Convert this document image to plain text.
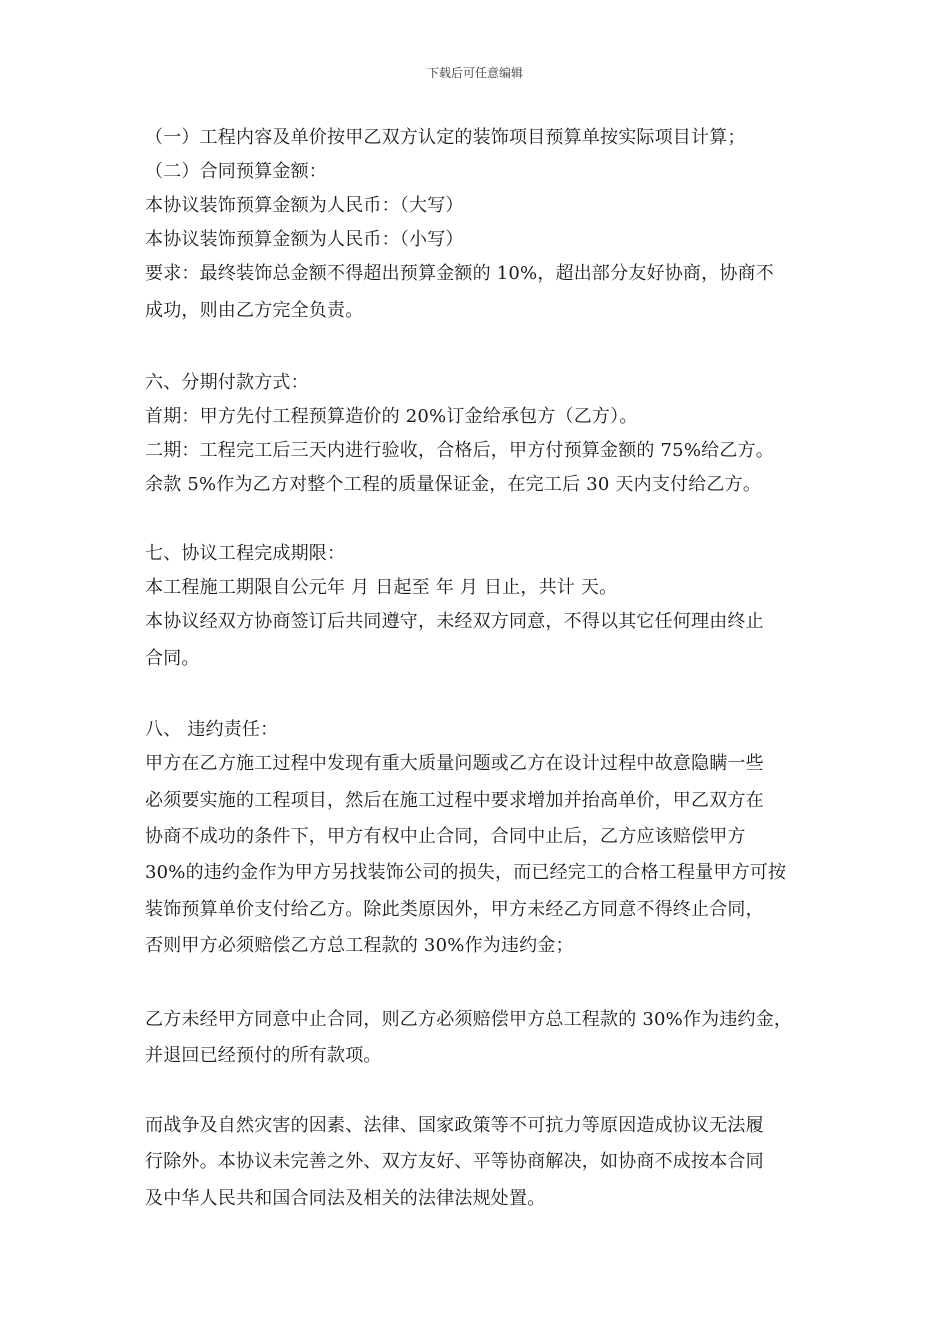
下载后可任意编辑
（一）工程内容及单价按甲乙双方认定的装饰项目预算单按实际项目计算；
（二）合同预算金额：
本协议装饰预算金额为人民币：（大写）
本协议装饰预算金额为人民币：（小写）
要求：最终装饰总金额不得超出预算金额的 10%，超出部分友好协商，协商不
成功，则由乙方完全负责。
六、分期付款方式：
首期：甲方先付工程预算造价的 20%订金给承包方（乙方）。
二期：工程完工后三天内进行验收，合格后，甲方付预算金额的 75%给乙方。
余款 5%作为乙方对整个工程的质量保证金，在完工后 30 天内支付给乙方。
七、协议工程完成期限：
本工程施工期限自公元年 月 日起至 年 月 日止，共计 天。
本协议经双方协商签订后共同遵守，未经双方同意，不得以其它任何理由终止
合同。
八、 违约责任：
甲方在乙方施工过程中发现有重大质量问题或乙方在设计过程中故意隐瞒一些
必须要实施的工程项目，然后在施工过程中要求增加并抬高单价，甲乙双方在
协商不成功的条件下，甲方有权中止合同，合同中止后，乙方应该赔偿甲方
30%的违约金作为甲方另找装饰公司的损失，而已经完工的合格工程量甲方可按
装饰预算单价支付给乙方。除此类原因外，甲方未经乙方同意不得终止合同，
否则甲方必须赔偿乙方总工程款的 30%作为违约金；
乙方未经甲方同意中止合同，则乙方必须赔偿甲方总工程款的 30%作为违约金，
并退回已经预付的所有款项。
而战争及自然灾害的因素、法律、国家政策等不可抗力等原因造成协议无法履
行除外。本协议未完善之外、双方友好、平等协商解决，如协商不成按本合同
及中华人民共和国合同法及相关的法律法规处置。
